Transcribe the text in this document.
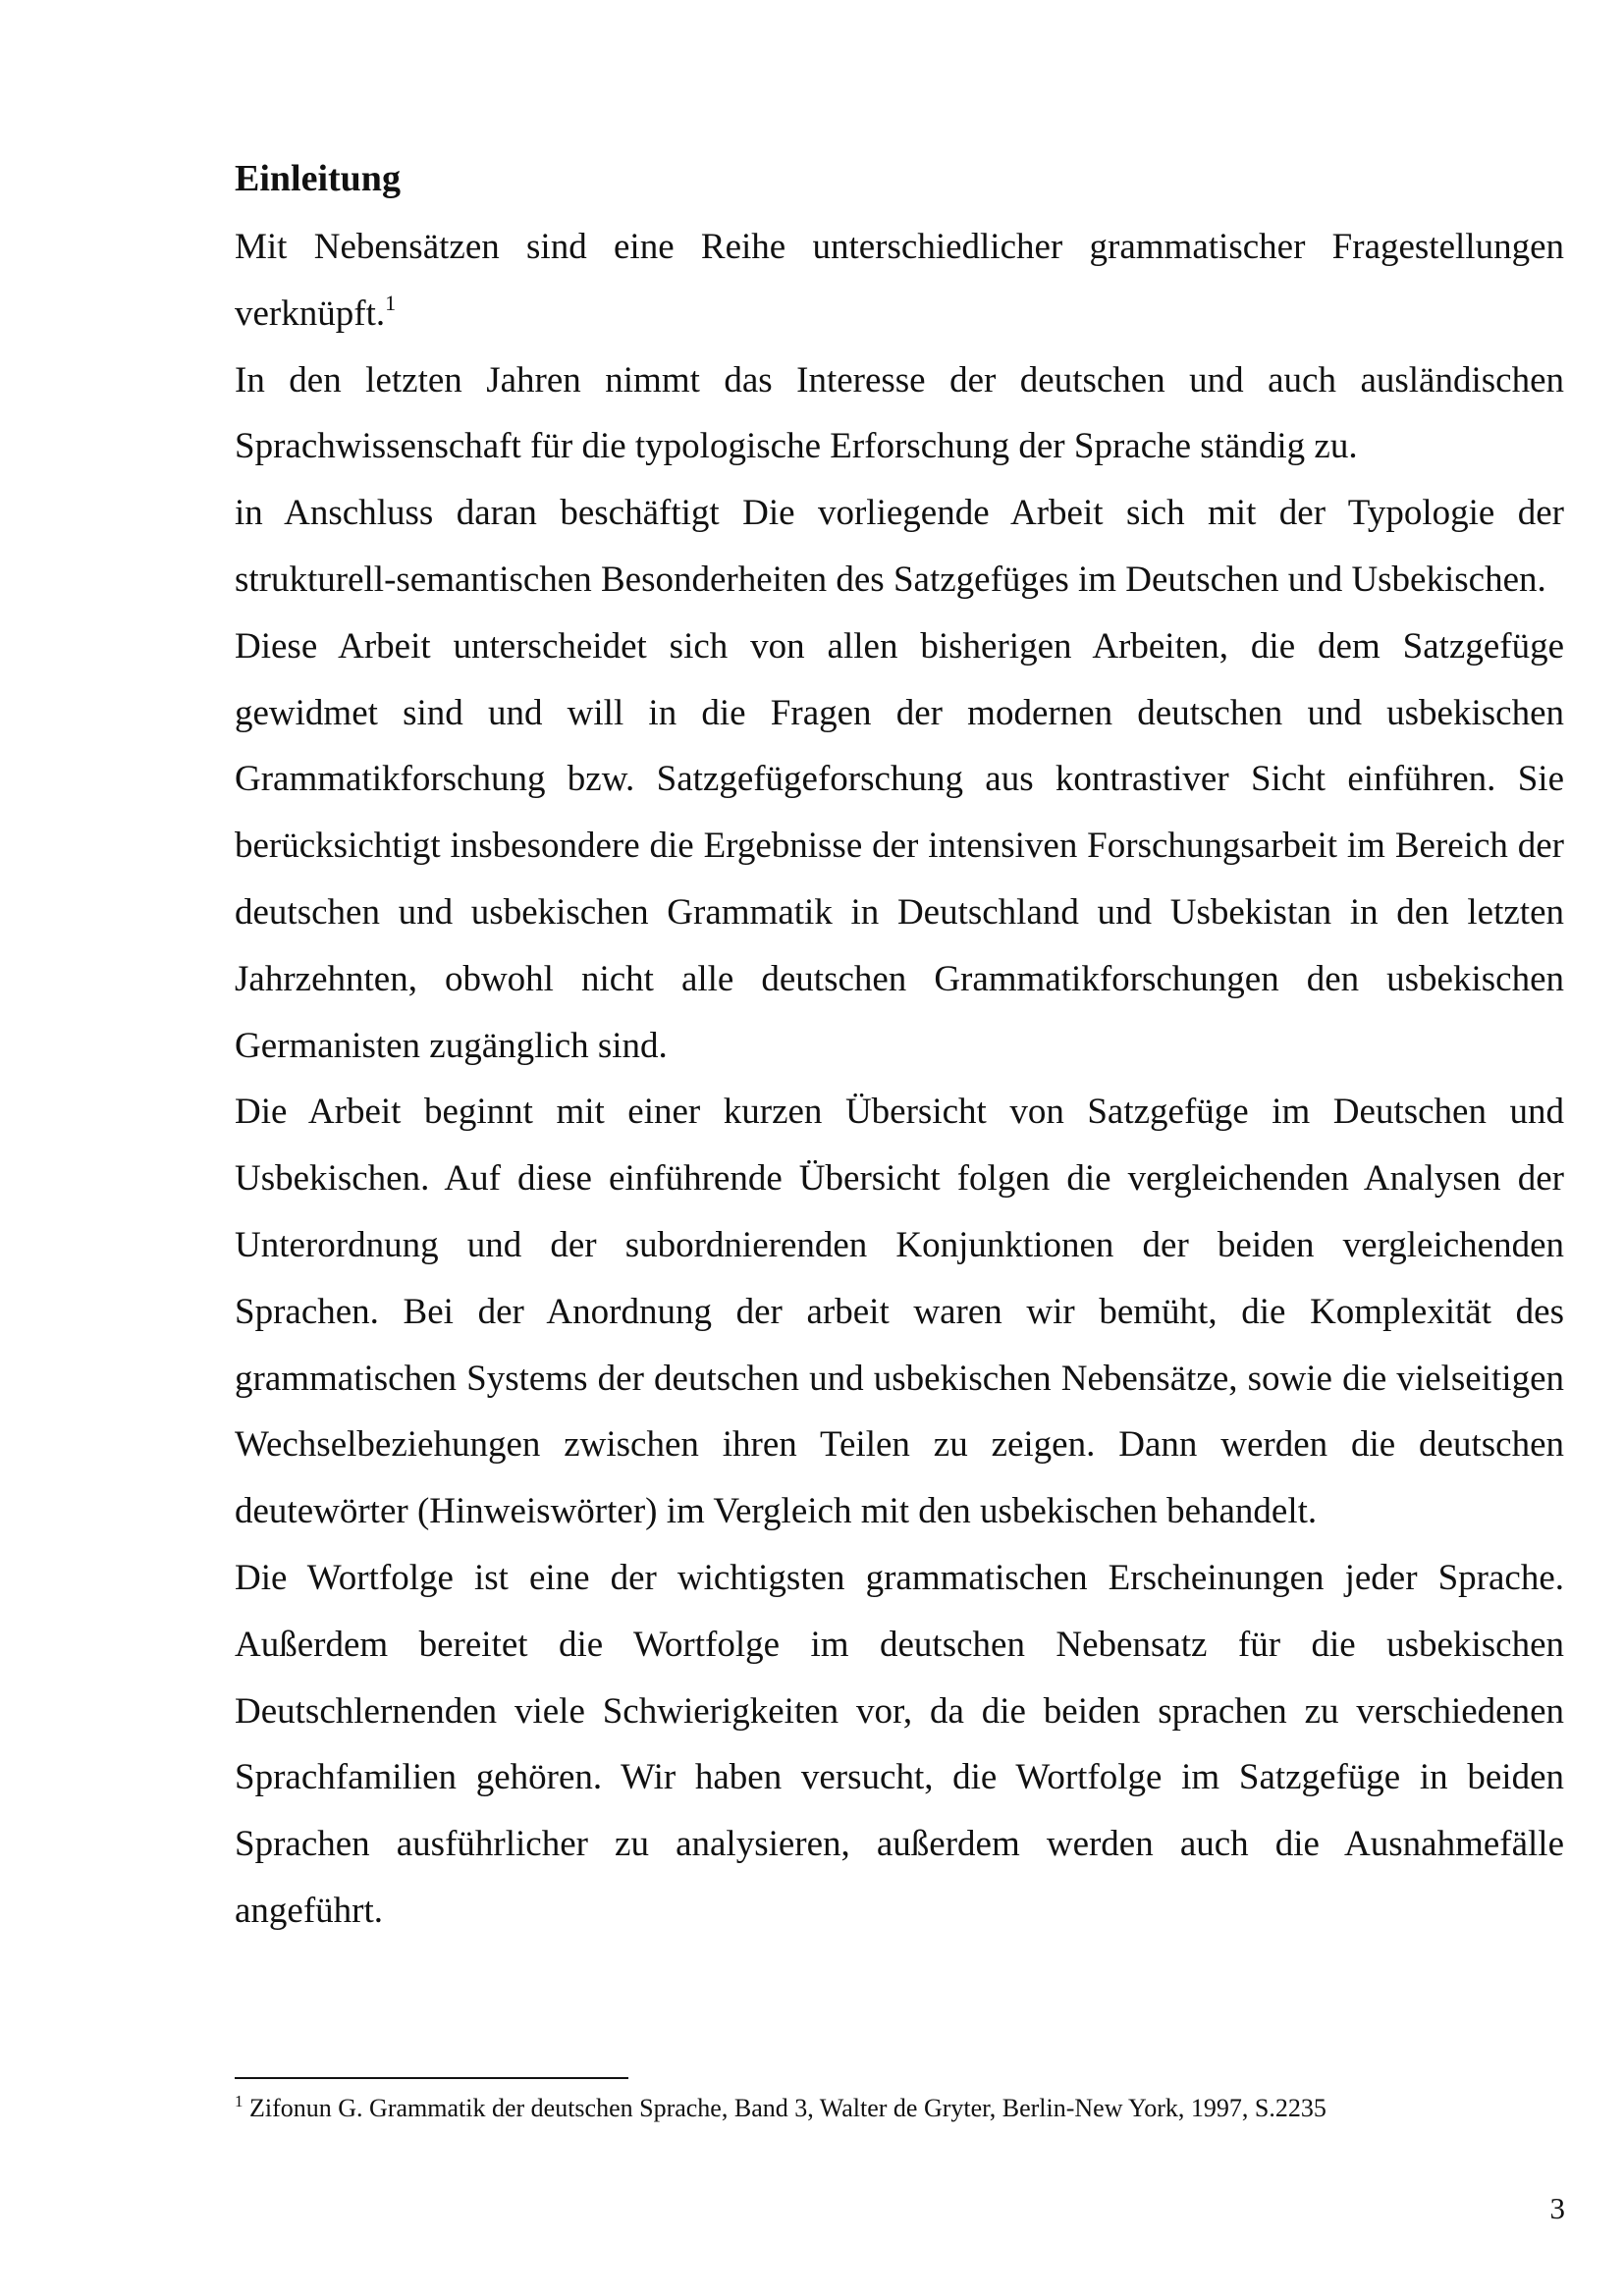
Einleitung

Mit Nebensätzen sind eine Reihe unterschiedlicher grammatischer Fragestellungen verknüpft.$^1$

In den letzten Jahren nimmt das Interesse der deutschen und auch ausländischen Sprachwissenschaft für die typologische Erforschung der Sprache ständig zu.

in Anschluss daran beschäftigt Die vorliegende Arbeit sich mit der Typologie der strukturell-semantischen Besonderheiten des Satzgefüges im Deutschen und Usbekischen.

Diese Arbeit unterscheidet sich von allen bisherigen Arbeiten, die dem Satzgefüge gewidmet sind und will in die Fragen der modernen deutschen und usbekischen Grammatikforschung bzw. Satzgefügeforschung aus kontrastiver Sicht einführen. Sie berücksichtigt insbesondere die Ergebnisse der intensiven Forschungsarbeit im Bereich der deutschen und usbekischen Grammatik in Deutschland und Usbekistan in den letzten Jahrzehnten, obwohl nicht alle deutschen Grammatikforschungen den usbekischen Germanisten zugänglich sind.

Die Arbeit beginnt mit einer kurzen Übersicht von Satzgefüge im Deutschen und Usbekischen. Auf diese einführende Übersicht folgen die vergleichenden Analysen der Unterordnung und der subordnierenden Konjunktionen der beiden vergleichenden Sprachen. Bei der Anordnung der arbeit waren wir bemüht, die Komplexität des grammatischen Systems der deutschen und usbekischen Nebensätze, sowie die vielseitigen Wechselbeziehungen zwischen ihren Teilen zu zeigen. Dann werden die deutschen deutewörter (Hinweiswörter) im Vergleich mit den usbekischen behandelt.

Die Wortfolge ist eine der wichtigsten grammatischen Erscheinungen jeder Sprache. Außerdem bereitet die Wortfolge im deutschen Nebensatz für die usbekischen Deutschlernenden viele Schwierigkeiten vor, da die beiden sprachen zu verschiedenen Sprachfamilien gehören. Wir haben versucht, die Wortfolge im Satzgefüge in beiden Sprachen ausführlicher zu analysieren, außerdem werden auch die Ausnahmefälle angeführt.

$^1$ Zifonun G. Grammatik der deutschen Sprache, Band 3, Walter de Gryter, Berlin-New York, 1997, S.2235
3
